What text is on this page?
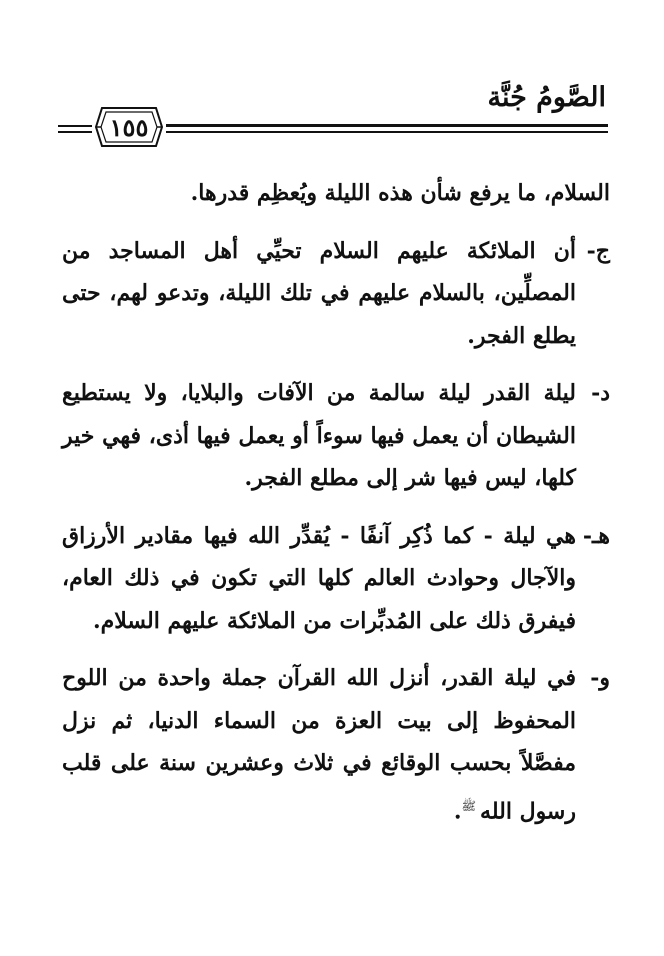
الصَّومُ جُنَّة
١٥٥

السلام، ما يرفع شأن هذه الليلة ويُعظِم قدرها.

ج-
أن الملائكة عليهم السلام تحيِّي أهل المساجد من المصلِّين، بالسلام عليهم في تلك الليلة، وتدعو لهم، حتى يطلع الفجر.
د-
ليلة القدر ليلة سالمة من الآفات والبلايا، ولا يستطيع الشيطان أن يعمل فيها سوءاً أو يعمل فيها أذى، فهي خير كلها، ليس فيها شر إلى مطلع الفجر.
هـ-
هي ليلة - كما ذُكِر آنفًا - يُقدِّر الله فيها مقادير الأرزاق والآجال وحوادث العالم كلها التي تكون في ذلك العام، فيفرق ذلك على المُدبِّرات من الملائكة عليهم السلام.
و-
في ليلة القدر، أنزل الله القرآن جملة واحدة من اللوح المحفوظ إلى بيت العزة من السماء الدنيا، ثم نزل مفصَّلاً بحسب الوقائع في ثلاث وعشرين سنة على قلب رسول الله$^ﷺ$.
